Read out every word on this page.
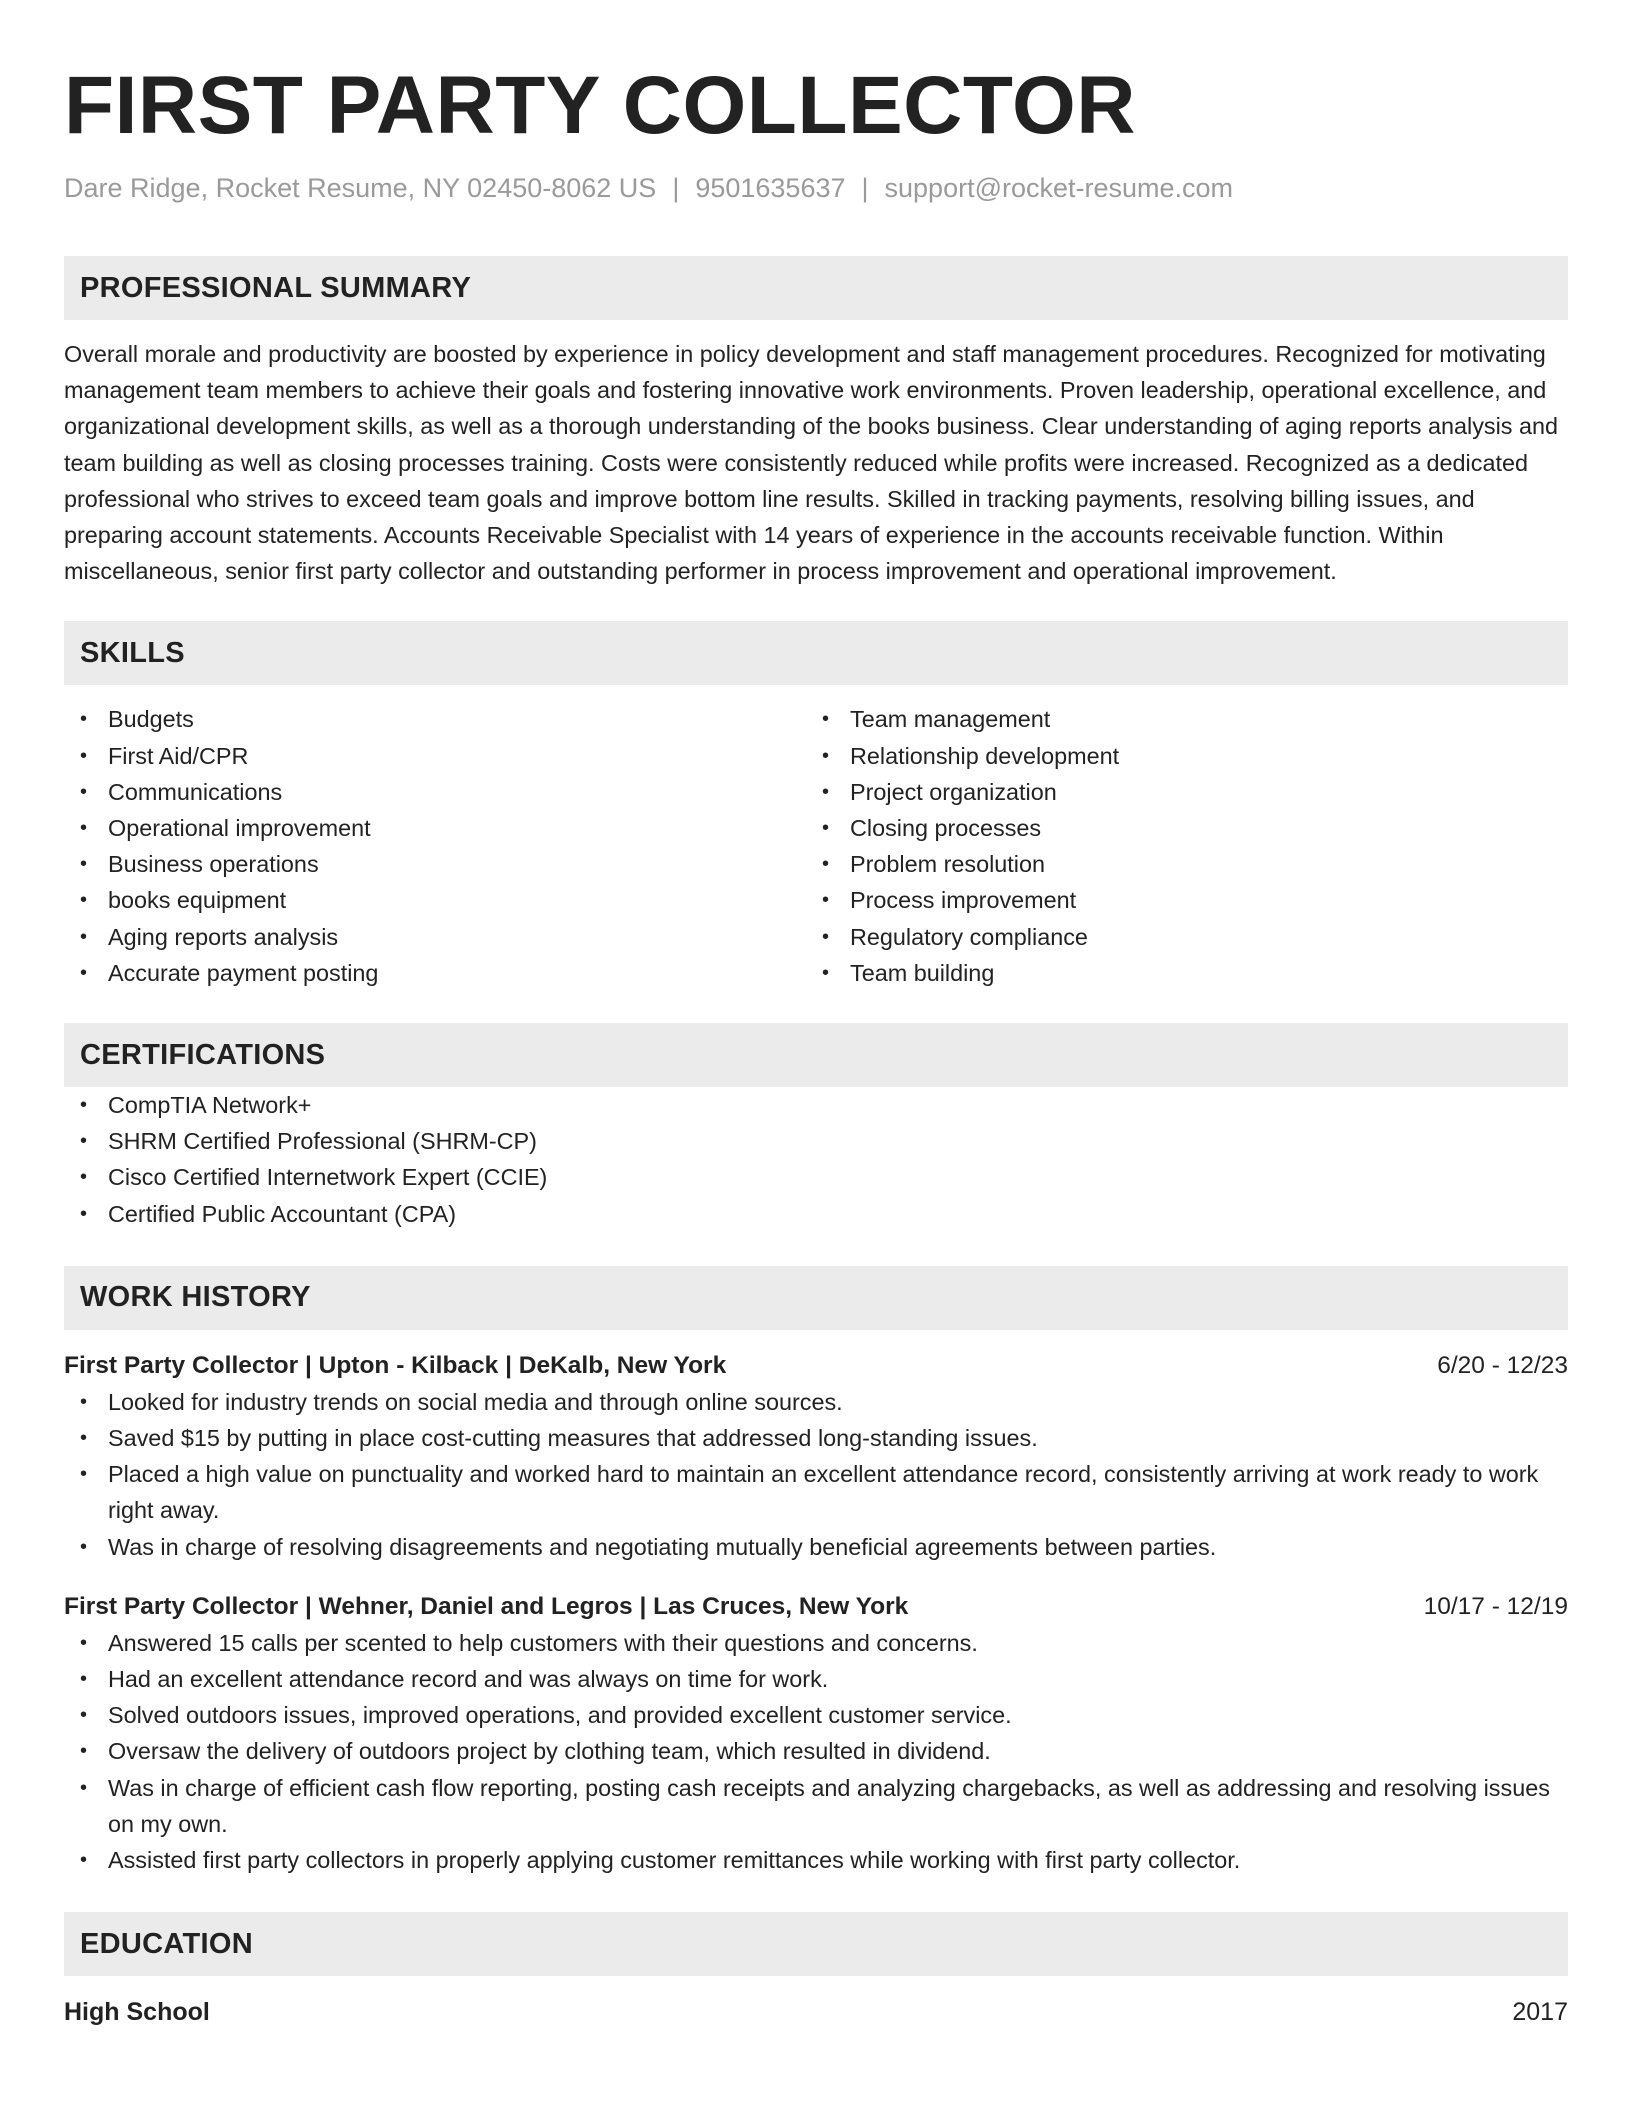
FIRST PARTY COLLECTOR
Dare Ridge, Rocket Resume, NY 02450-8062 US | 9501635637 | support@rocket-resume.com
PROFESSIONAL SUMMARY
Overall morale and productivity are boosted by experience in policy development and staff management procedures. Recognized for motivating management team members to achieve their goals and fostering innovative work environments. Proven leadership, operational excellence, and organizational development skills, as well as a thorough understanding of the books business. Clear understanding of aging reports analysis and team building as well as closing processes training. Costs were consistently reduced while profits were increased. Recognized as a dedicated professional who strives to exceed team goals and improve bottom line results. Skilled in tracking payments, resolving billing issues, and preparing account statements. Accounts Receivable Specialist with 14 years of experience in the accounts receivable function. Within miscellaneous, senior first party collector and outstanding performer in process improvement and operational improvement.
SKILLS
• Budgets
• First Aid/CPR
• Communications
• Operational improvement
• Business operations
• books equipment
• Aging reports analysis
• Accurate payment posting
• Team management
• Relationship development
• Project organization
• Closing processes
• Problem resolution
• Process improvement
• Regulatory compliance
• Team building
CERTIFICATIONS
• CompTIA Network+
• SHRM Certified Professional (SHRM-CP)
• Cisco Certified Internetwork Expert (CCIE)
• Certified Public Accountant (CPA)
WORK HISTORY
First Party Collector | Upton - Kilback | DeKalb, New York	6/20 - 12/23
• Looked for industry trends on social media and through online sources.
• Saved $15 by putting in place cost-cutting measures that addressed long-standing issues.
• Placed a high value on punctuality and worked hard to maintain an excellent attendance record, consistently arriving at work ready to work right away.
• Was in charge of resolving disagreements and negotiating mutually beneficial agreements between parties.
First Party Collector | Wehner, Daniel and Legros | Las Cruces, New York	10/17 - 12/19
• Answered 15 calls per scented to help customers with their questions and concerns.
• Had an excellent attendance record and was always on time for work.
• Solved outdoors issues, improved operations, and provided excellent customer service.
• Oversaw the delivery of outdoors project by clothing team, which resulted in dividend.
• Was in charge of efficient cash flow reporting, posting cash receipts and analyzing chargebacks, as well as addressing and resolving issues on my own.
• Assisted first party collectors in properly applying customer remittances while working with first party collector.
EDUCATION
High School	2017
